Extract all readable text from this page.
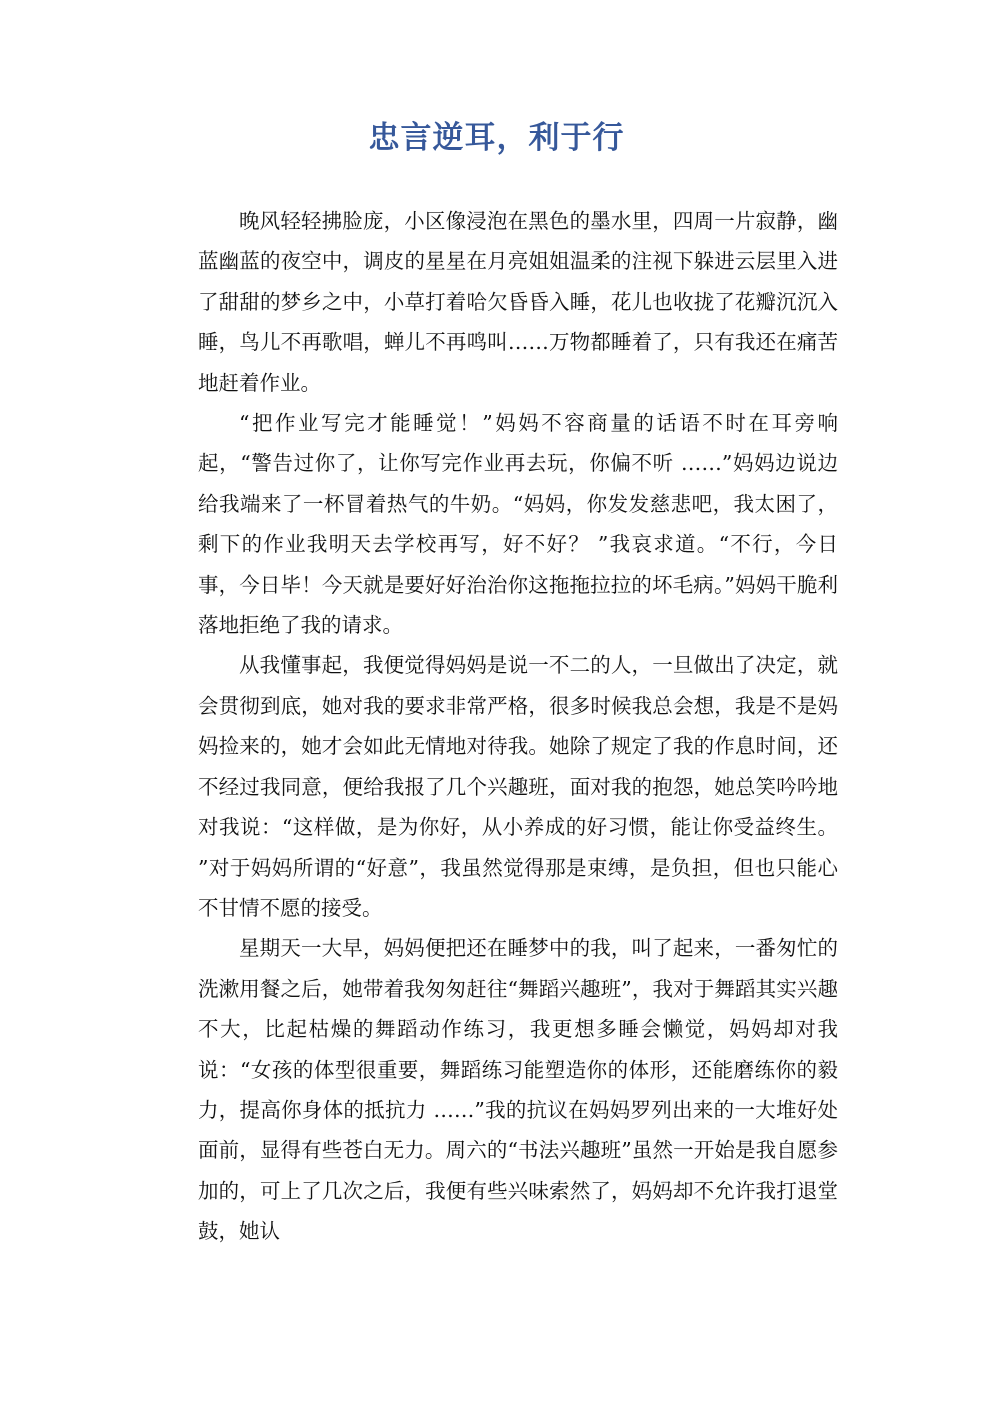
忠言逆耳，利于行

晚风轻轻拂脸庞，小区像浸泡在黑色的墨水里，四周一片寂静，幽蓝幽蓝的夜空中，调皮的星星在月亮姐姐温柔的注视下躲进云层里入进了甜甜的梦乡之中，小草打着哈欠昏昏入睡，花儿也收拢了花瓣沉沉入睡，鸟儿不再歌唱，蝉儿不再鸣叫……万物都睡着了，只有我还在痛苦地赶着作业。

“把作业写完才能睡觉！”妈妈不容商量的话语不时在耳旁响起，“警告过你了，让你写完作业再去玩，你偏不听 ……”妈妈边说边给我端来了一杯冒着热气的牛奶。“妈妈，你发发慈悲吧，我太困了，剩下的作业我明天去学校再写，好不好？ ”我哀求道。“不行，今日事，今日毕！今天就是要好好治治你这拖拖拉拉的坏毛病。”妈妈干脆利落地拒绝了我的请求。

从我懂事起，我便觉得妈妈是说一不二的人，一旦做出了决定，就会贯彻到底，她对我的要求非常严格，很多时候我总会想，我是不是妈妈捡来的，她才会如此无情地对待我。她除了规定了我的作息时间，还不经过我同意，便给我报了几个兴趣班，面对我的抱怨，她总笑吟吟地对我说：“这样做，是为你好，从小养成的好习惯，能让你受益终生。 ”对于妈妈所谓的“好意”，我虽然觉得那是束缚，是负担，但也只能心不甘情不愿的接受。

星期天一大早，妈妈便把还在睡梦中的我，叫了起来，一番匆忙的洗漱用餐之后，她带着我匆匆赶往“舞蹈兴趣班”，我对于舞蹈其实兴趣不大，比起枯燥的舞蹈动作练习，我更想多睡会懒觉，妈妈却对我说：“女孩的体型很重要，舞蹈练习能塑造你的体形，还能磨练你的毅力，提高你身体的抵抗力 ……”我的抗议在妈妈罗列出来的一大堆好处面前，显得有些苍白无力。周六的“书法兴趣班”虽然一开始是我自愿参加的，可上了几次之后，我便有些兴味索然了，妈妈却不允许我打退堂鼓，她认
